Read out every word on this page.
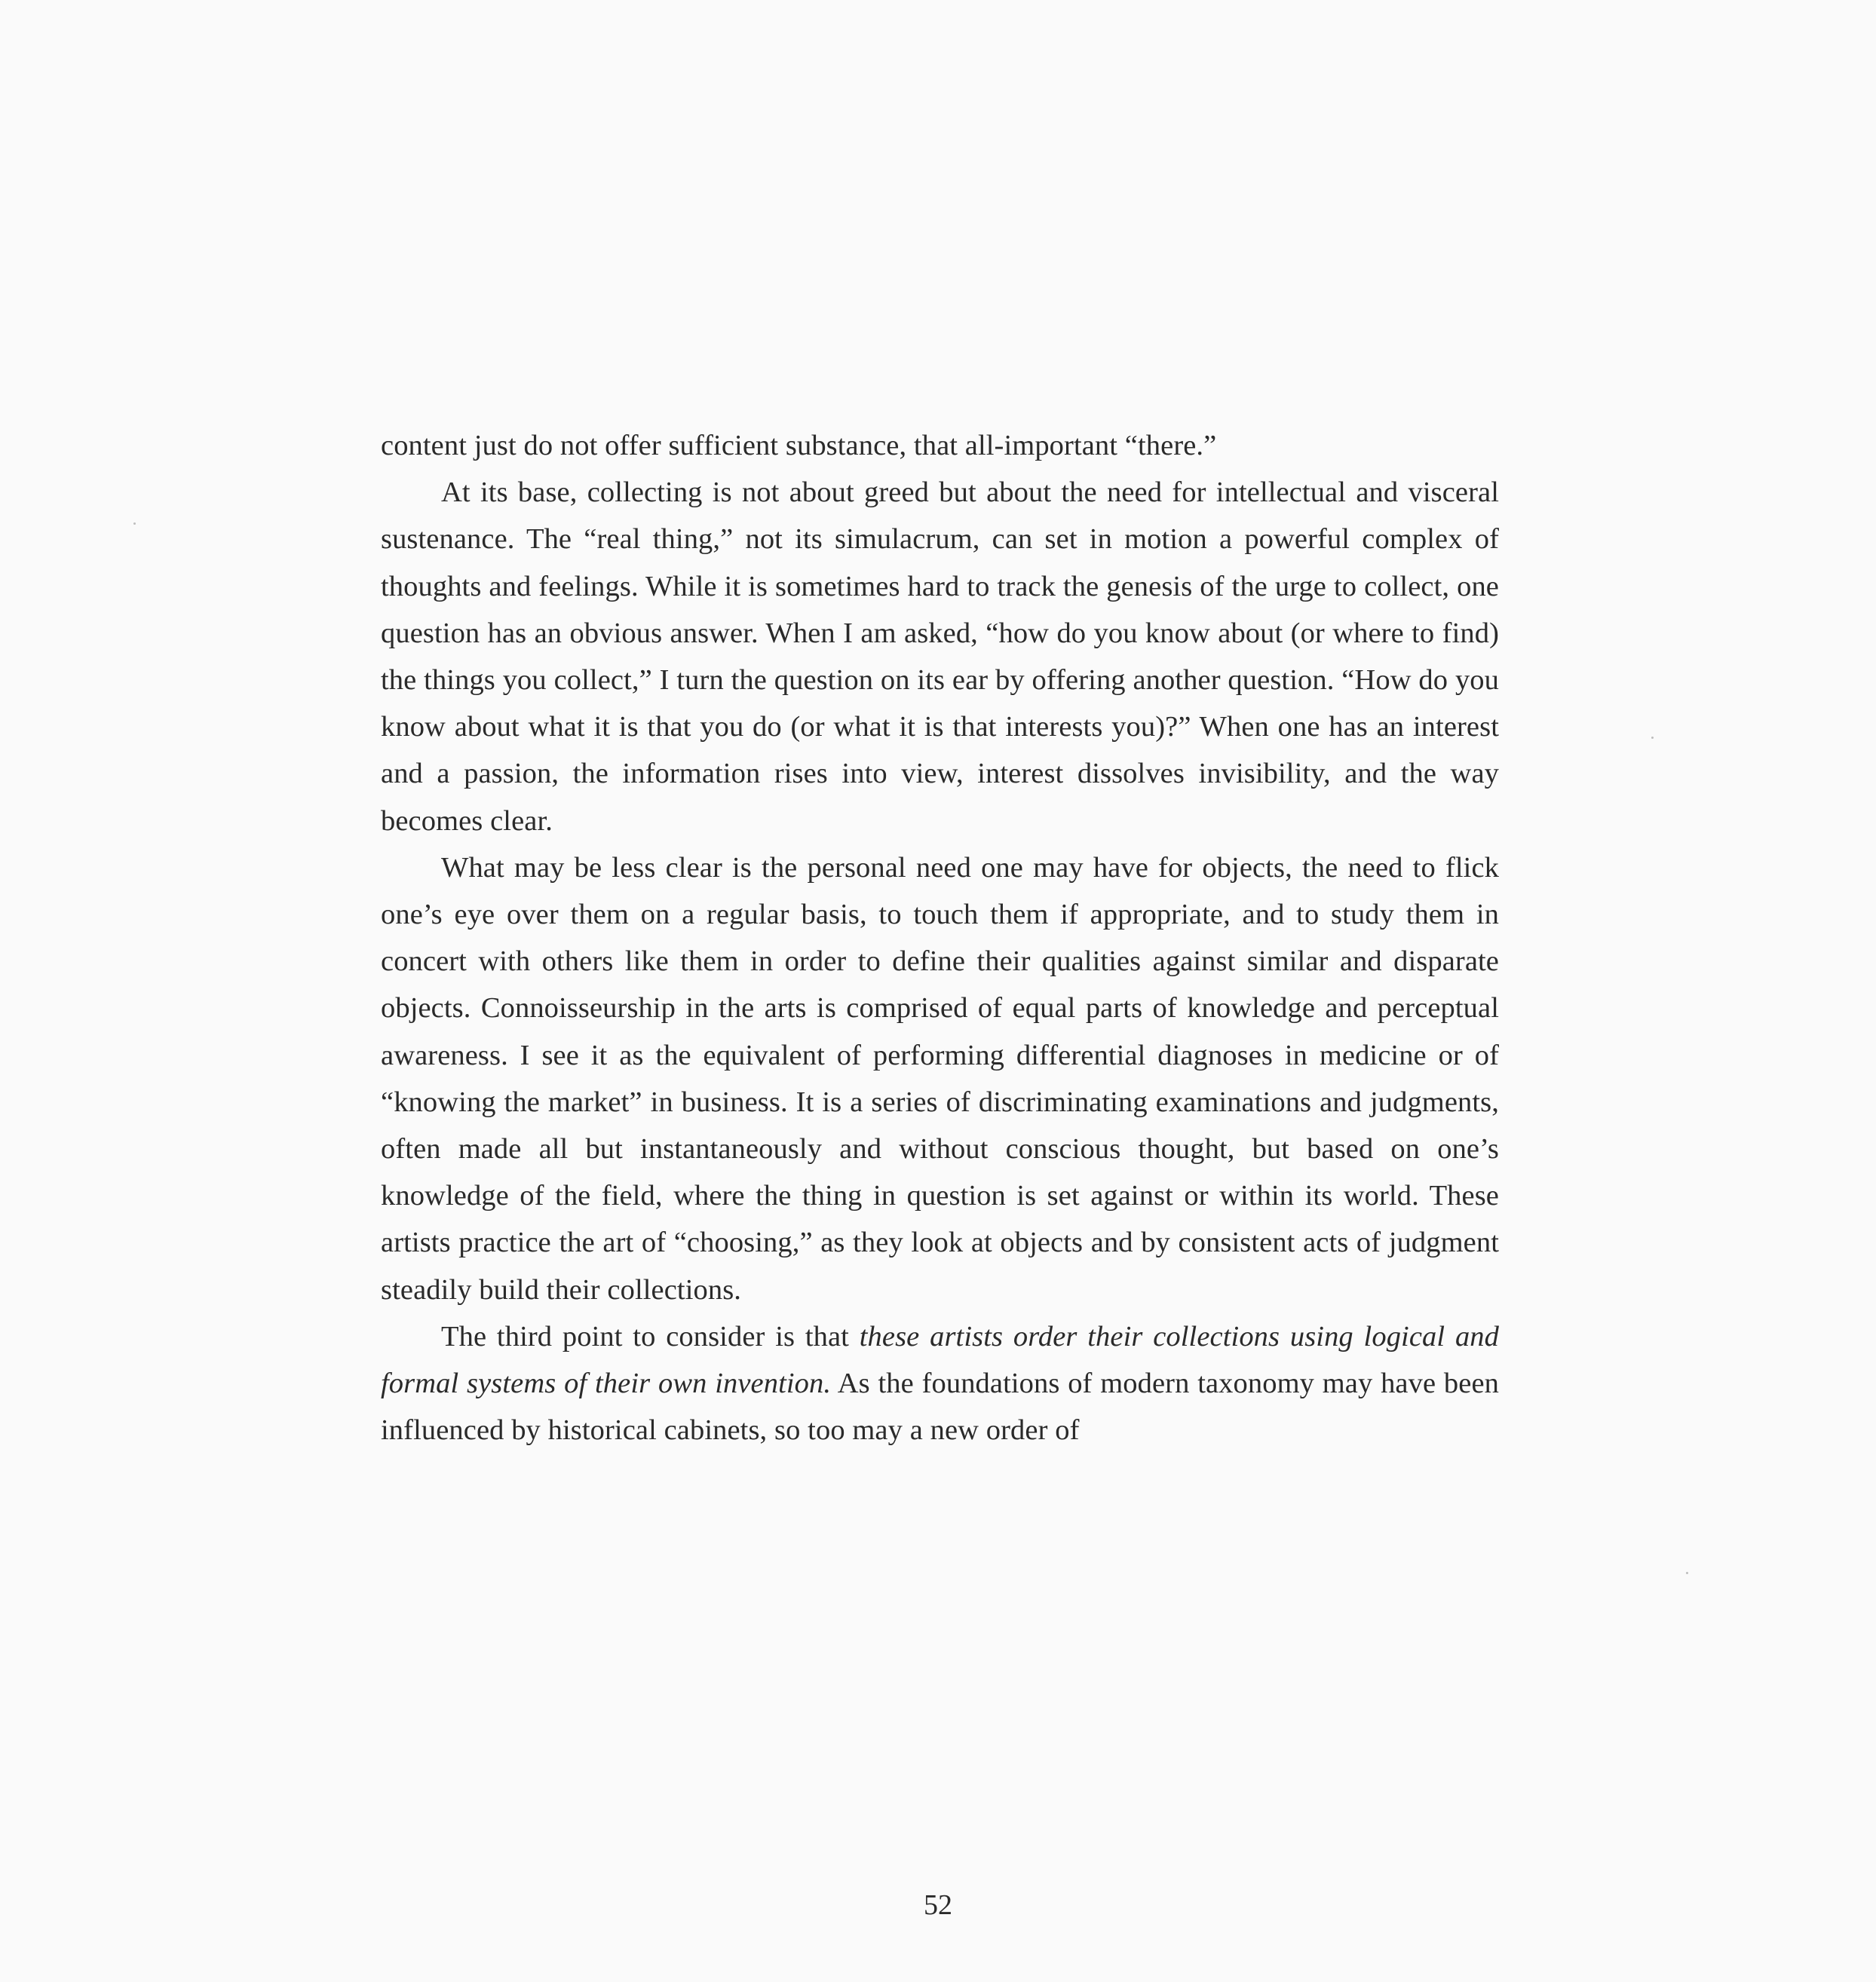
content just do not offer sufficient substance, that all-important “there.”

At its base, collecting is not about greed but about the need for intellectual and visceral sustenance. The “real thing,” not its simulacrum, can set in motion a powerful complex of thoughts and feelings. While it is sometimes hard to track the genesis of the urge to collect, one question has an obvious answer. When I am asked, “how do you know about (or where to find) the things you collect,” I turn the question on its ear by offering another question. “How do you know about what it is that you do (or what it is that interests you)?” When one has an interest and a passion, the information rises into view, interest dissolves invisibility, and the way becomes clear.

What may be less clear is the personal need one may have for objects, the need to flick one’s eye over them on a regular basis, to touch them if appropriate, and to study them in concert with others like them in order to define their qualities against similar and disparate objects. Connoisseurship in the arts is comprised of equal parts of knowledge and perceptual awareness. I see it as the equivalent of performing differential diagnoses in medicine or of “knowing the market” in business. It is a series of discriminating examinations and judgments, often made all but instantaneously and without conscious thought, but based on one’s knowledge of the field, where the thing in question is set against or within its world. These artists practice the art of “choosing,” as they look at objects and by consistent acts of judgment steadily build their collections.

The third point to consider is that these artists order their collections using logical and formal systems of their own invention. As the foundations of modern taxonomy may have been influenced by historical cabinets, so too may a new order of

52
